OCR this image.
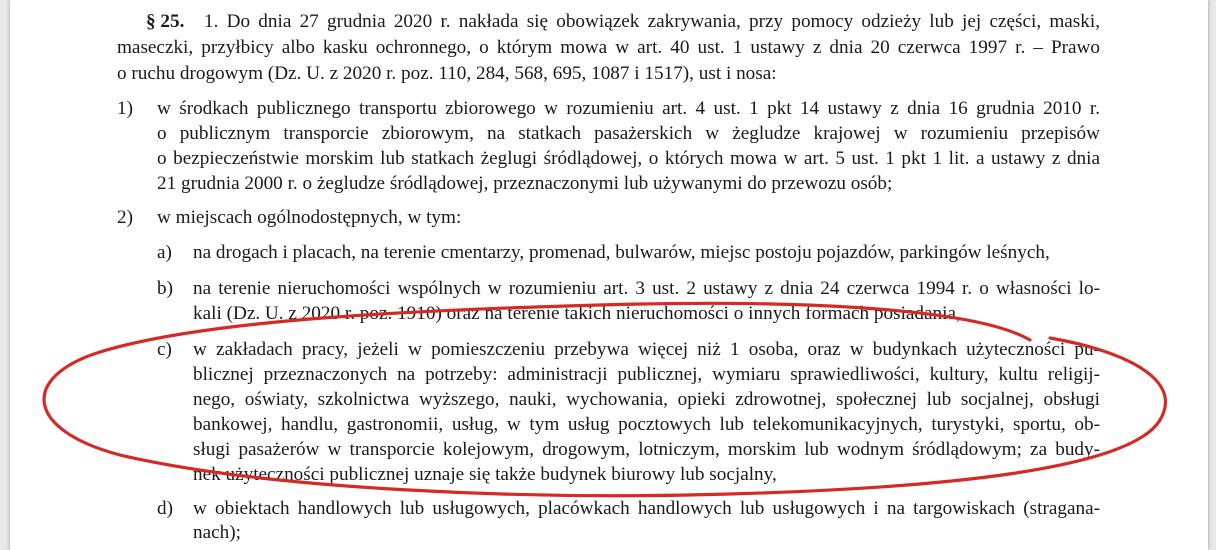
§ 25. 1. Do dnia 27 grudnia 2020 r. nakłada się obowiązek zakrywania, przy pomocy odzieży lub jej części, maski,
maseczki, przyłbicy albo kasku ochronnego, o którym mowa w art. 40 ust. 1 ustawy z dnia 20 czerwca 1997 r. – Prawo
o ruchu drogowym (Dz. U. z 2020 r. poz. 110, 284, 568, 695, 1087 i 1517), ust i nosa:
1) w środkach publicznego transportu zbiorowego w rozumieniu art. 4 ust. 1 pkt 14 ustawy z dnia 16 grudnia 2010 r.
o publicznym transporcie zbiorowym, na statkach pasażerskich w żegludze krajowej w rozumieniu przepisów
o bezpieczeństwie morskim lub statkach żeglugi śródlądowej, o których mowa w art. 5 ust. 1 pkt 1 lit. a ustawy z dnia
21 grudnia 2000 r. o żegludze śródlądowej, przeznaczonymi lub używanymi do przewozu osób;
2) w miejscach ogólnodostępnych, w tym:
a) na drogach i placach, na terenie cmentarzy, promenad, bulwarów, miejsc postoju pojazdów, parkingów leśnych,
b) na terenie nieruchomości wspólnych w rozumieniu art. 3 ust. 2 ustawy z dnia 24 czerwca 1994 r. o własności lo-
kali (Dz. U. z 2020 r. poz. 1910) oraz na terenie takich nieruchomości o innych formach posiadania,
c) w zakładach pracy, jeżeli w pomieszczeniu przebywa więcej niż 1 osoba, oraz w budynkach użyteczności pu-
blicznej przeznaczonych na potrzeby: administracji publicznej, wymiaru sprawiedliwości, kultury, kultu religij-
nego, oświaty, szkolnictwa wyższego, nauki, wychowania, opieki zdrowotnej, społecznej lub socjalnej, obsługi
bankowej, handlu, gastronomii, usług, w tym usług pocztowych lub telekomunikacyjnych, turystyki, sportu, ob-
sługi pasażerów w transporcie kolejowym, drogowym, lotniczym, morskim lub wodnym śródlądowym; za budy-
nek użyteczności publicznej uznaje się także budynek biurowy lub socjalny,
d) w obiektach handlowych lub usługowych, placówkach handlowych lub usługowych i na targowiskach (stragana-
nach);
